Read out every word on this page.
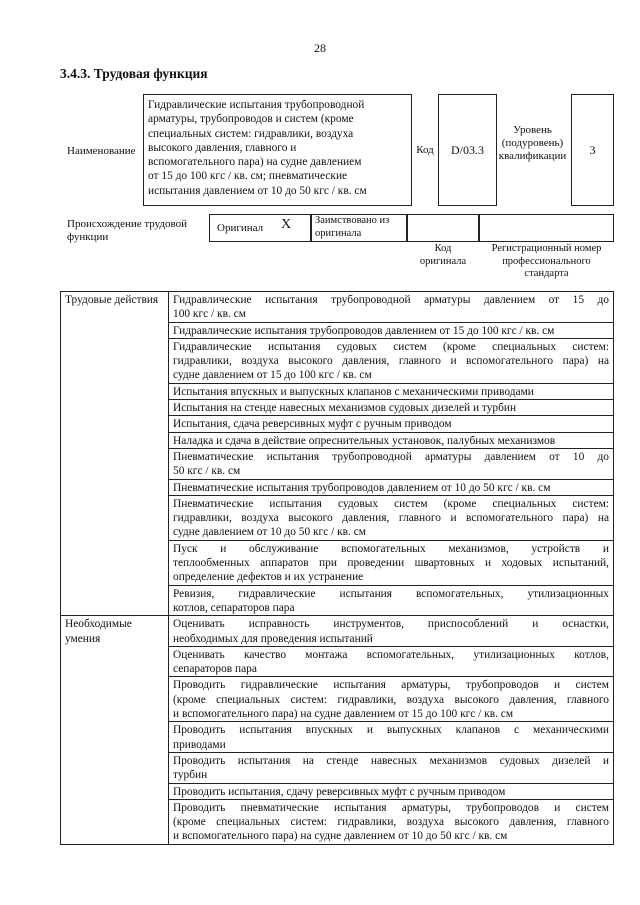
28
3.4.3. Трудовая функция
Наименование
Гидравлические испытания трубопроводной
арматуры, трубопроводов и систем (кроме
специальных систем: гидравлики, воздуха
высокого давления, главного и
вспомогательного пара) на судне давлением
от 15 до 100 кгс / кв. см; пневматические
испытания давлением от 10 до 50 кгс / кв. см
Код	D/03.3
Уровень
(подуровень)
квалификации	3
Происхождение трудовой
функции
Оригинал X Заимствовано из
оригинала
Код
оригинала
Регистрационный номер
профессионального
стандарта
Трудовые действия	Гидравлические испытания трубопроводной арматуры давлением от 15 до
100 кгс / кв. см

	Гидравлические испытания трубопроводов давлением от 15 до 100 кгс / кв. см

	Гидравлические испытания судовых систем (кроме специальных систем:
гидравлики, воздуха высокого давления, главного и вспомогательного пара) на
судне давлением от 15 до 100 кгс / кв. см

	Испытания впускных и выпускных клапанов с механическими приводами

	Испытания на стенде навесных механизмов судовых дизелей и турбин

	Испытания, сдача реверсивных муфт с ручным приводом

	Наладка и сдача в действие опреснительных установок, палубных механизмов

	Пневматические испытания трубопроводной арматуры давлением от 10 до
50 кгс / кв. см

	Пневматические испытания трубопроводов давлением от 10 до 50 кгс / кв. см

	Пневматические испытания судовых систем (кроме специальных систем:
гидравлики, воздуха высокого давления, главного и вспомогательного пара) на
судне давлением от 10 до 50 кгс / кв. см

	Пуск и обслуживание вспомогательных механизмов, устройств и
теплообменных аппаратов при проведении швартовных и ходовых испытаний,
определение дефектов и их устранение

	Ревизия, гидравлические испытания вспомогательных, утилизационных
котлов, сепараторов пара

Необходимые умения	Оценивать исправность инструментов, приспособлений и оснастки,
необходимых для проведения испытаний

	Оценивать качество монтажа вспомогательных, утилизационных котлов,
сепараторов пара

	Проводить гидравлические испытания арматуры, трубопроводов и систем
(кроме специальных систем: гидравлики, воздуха высокого давления, главного
и вспомогательного пара) на судне давлением от 15 до 100 кгс / кв. см

	Проводить испытания впускных и выпускных клапанов с механическими
приводами

	Проводить испытания на стенде навесных механизмов судовых дизелей и
турбин

	Проводить испытания, сдачу реверсивных муфт с ручным приводом

	Проводить пневматические испытания арматуры, трубопроводов и систем
(кроме специальных систем: гидравлики, воздуха высокого давления, главного
и вспомогательного пара) на судне давлением от 10 до 50 кгс / кв. см
